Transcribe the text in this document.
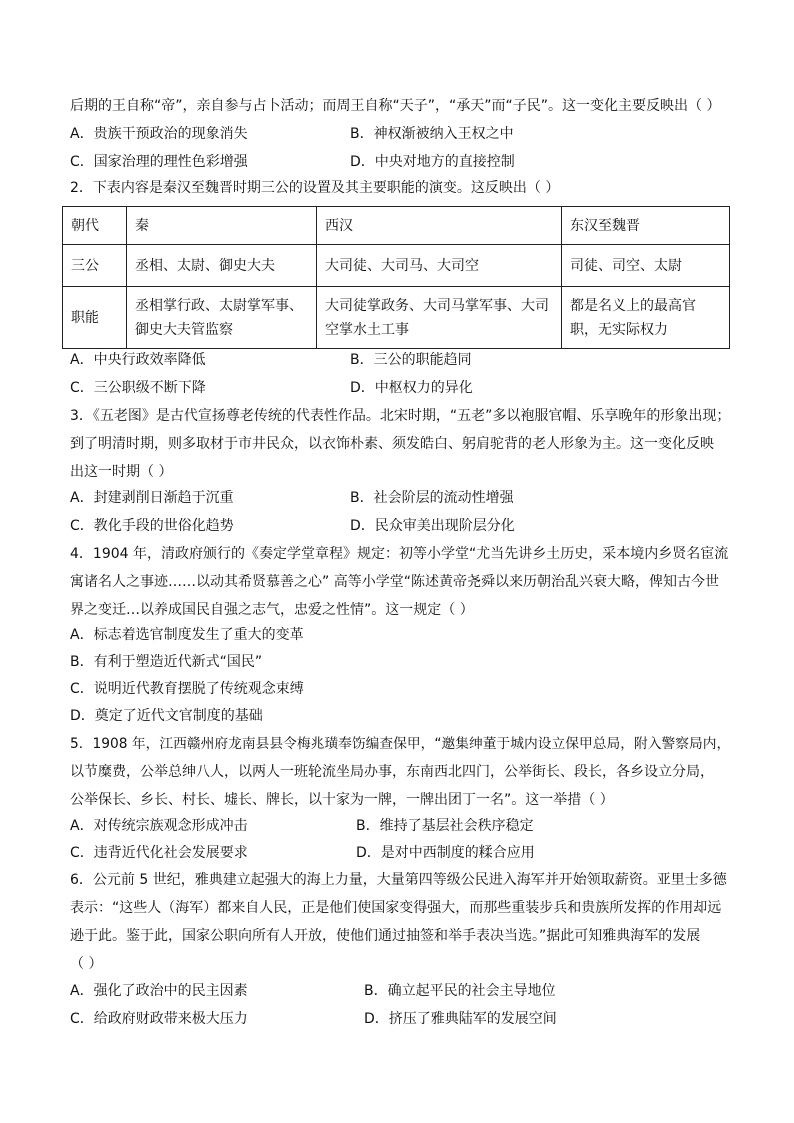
后期的王自称“帝”，亲自参与占卜活动；而周王自称“天子”，“承天”而“子民”。这一变化主要反映出（ ）
A．贵族干预政治的现象消失	B．神权渐被纳入王权之中
C．国家治理的理性色彩增强	D．中央对地方的直接控制
2．下表内容是秦汉至魏晋时期三公的设置及其主要职能的演变。这反映出（ ）
朝代	秦	西汉	东汉至魏晋
三公	丞相、太尉、御史大夫	大司徒、大司马、大司空	司徒、司空、太尉
职能	丞相掌行政、太尉掌军事、御史大夫管监察	大司徒掌政务、大司马掌军事、大司空掌水土工事	都是名义上的最高官职，无实际权力
A．中央行政效率降低	B．三公的职能趋同
C．三公职级不断下降	D．中枢权力的异化
3．《五老图》是古代宣扬尊老传统的代表性作品。北宋时期，“五老”多以袍服官帽、乐享晚年的形象出现；
到了明清时期，则多取材于市井民众，以衣饰朴素、须发皓白、躬肩驼背的老人形象为主。这一变化反映
出这一时期（ ）
A．封建剥削日渐趋于沉重	B．社会阶层的流动性增强
C．教化手段的世俗化趋势	D．民众审美出现阶层分化
4．1904 年，清政府颁行的《奏定学堂章程》规定：初等小学堂“尤当先讲乡土历史，采本境内乡贤名宦流
寓诸名人之事迹……以动其希贤慕善之心” 高等小学堂“陈述黄帝尧舜以来历朝治乱兴衰大略，俾知古今世
界之变迁…以养成国民自强之志气，忠爱之性情”。这一规定（ ）
A．标志着选官制度发生了重大的变革
B．有利于塑造近代新式“国民”
C．说明近代教育摆脱了传统观念束缚
D．奠定了近代文官制度的基础
5．1908 年，江西赣州府龙南县县令梅兆璜奉饬编查保甲，“邀集绅董于城内设立保甲总局，附入警察局内，
以节糜费，公举总绅八人，以两人一班轮流坐局办事，东南西北四门，公举街长、段长，各乡设立分局，
公举保长、乡长、村长、墟长、牌长，以十家为一牌，一牌出团丁一名”。这一举措（ ）
A．对传统宗族观念形成冲击	B．维持了基层社会秩序稳定
C．违背近代化社会发展要求	D．是对中西制度的糅合应用
6．公元前 5 世纪，雅典建立起强大的海上力量，大量第四等级公民进入海军并开始领取薪资。亚里士多德
表示：“这些人（海军）都来自人民，正是他们使国家变得强大，而那些重装步兵和贵族所发挥的作用却远
逊于此。鉴于此，国家公职向所有人开放，使他们通过抽签和举手表决当选。”据此可知雅典海军的发展
（ ）
A．强化了政治中的民主因素	B．确立起平民的社会主导地位
C．给政府财政带来极大压力	D．挤压了雅典陆军的发展空间
